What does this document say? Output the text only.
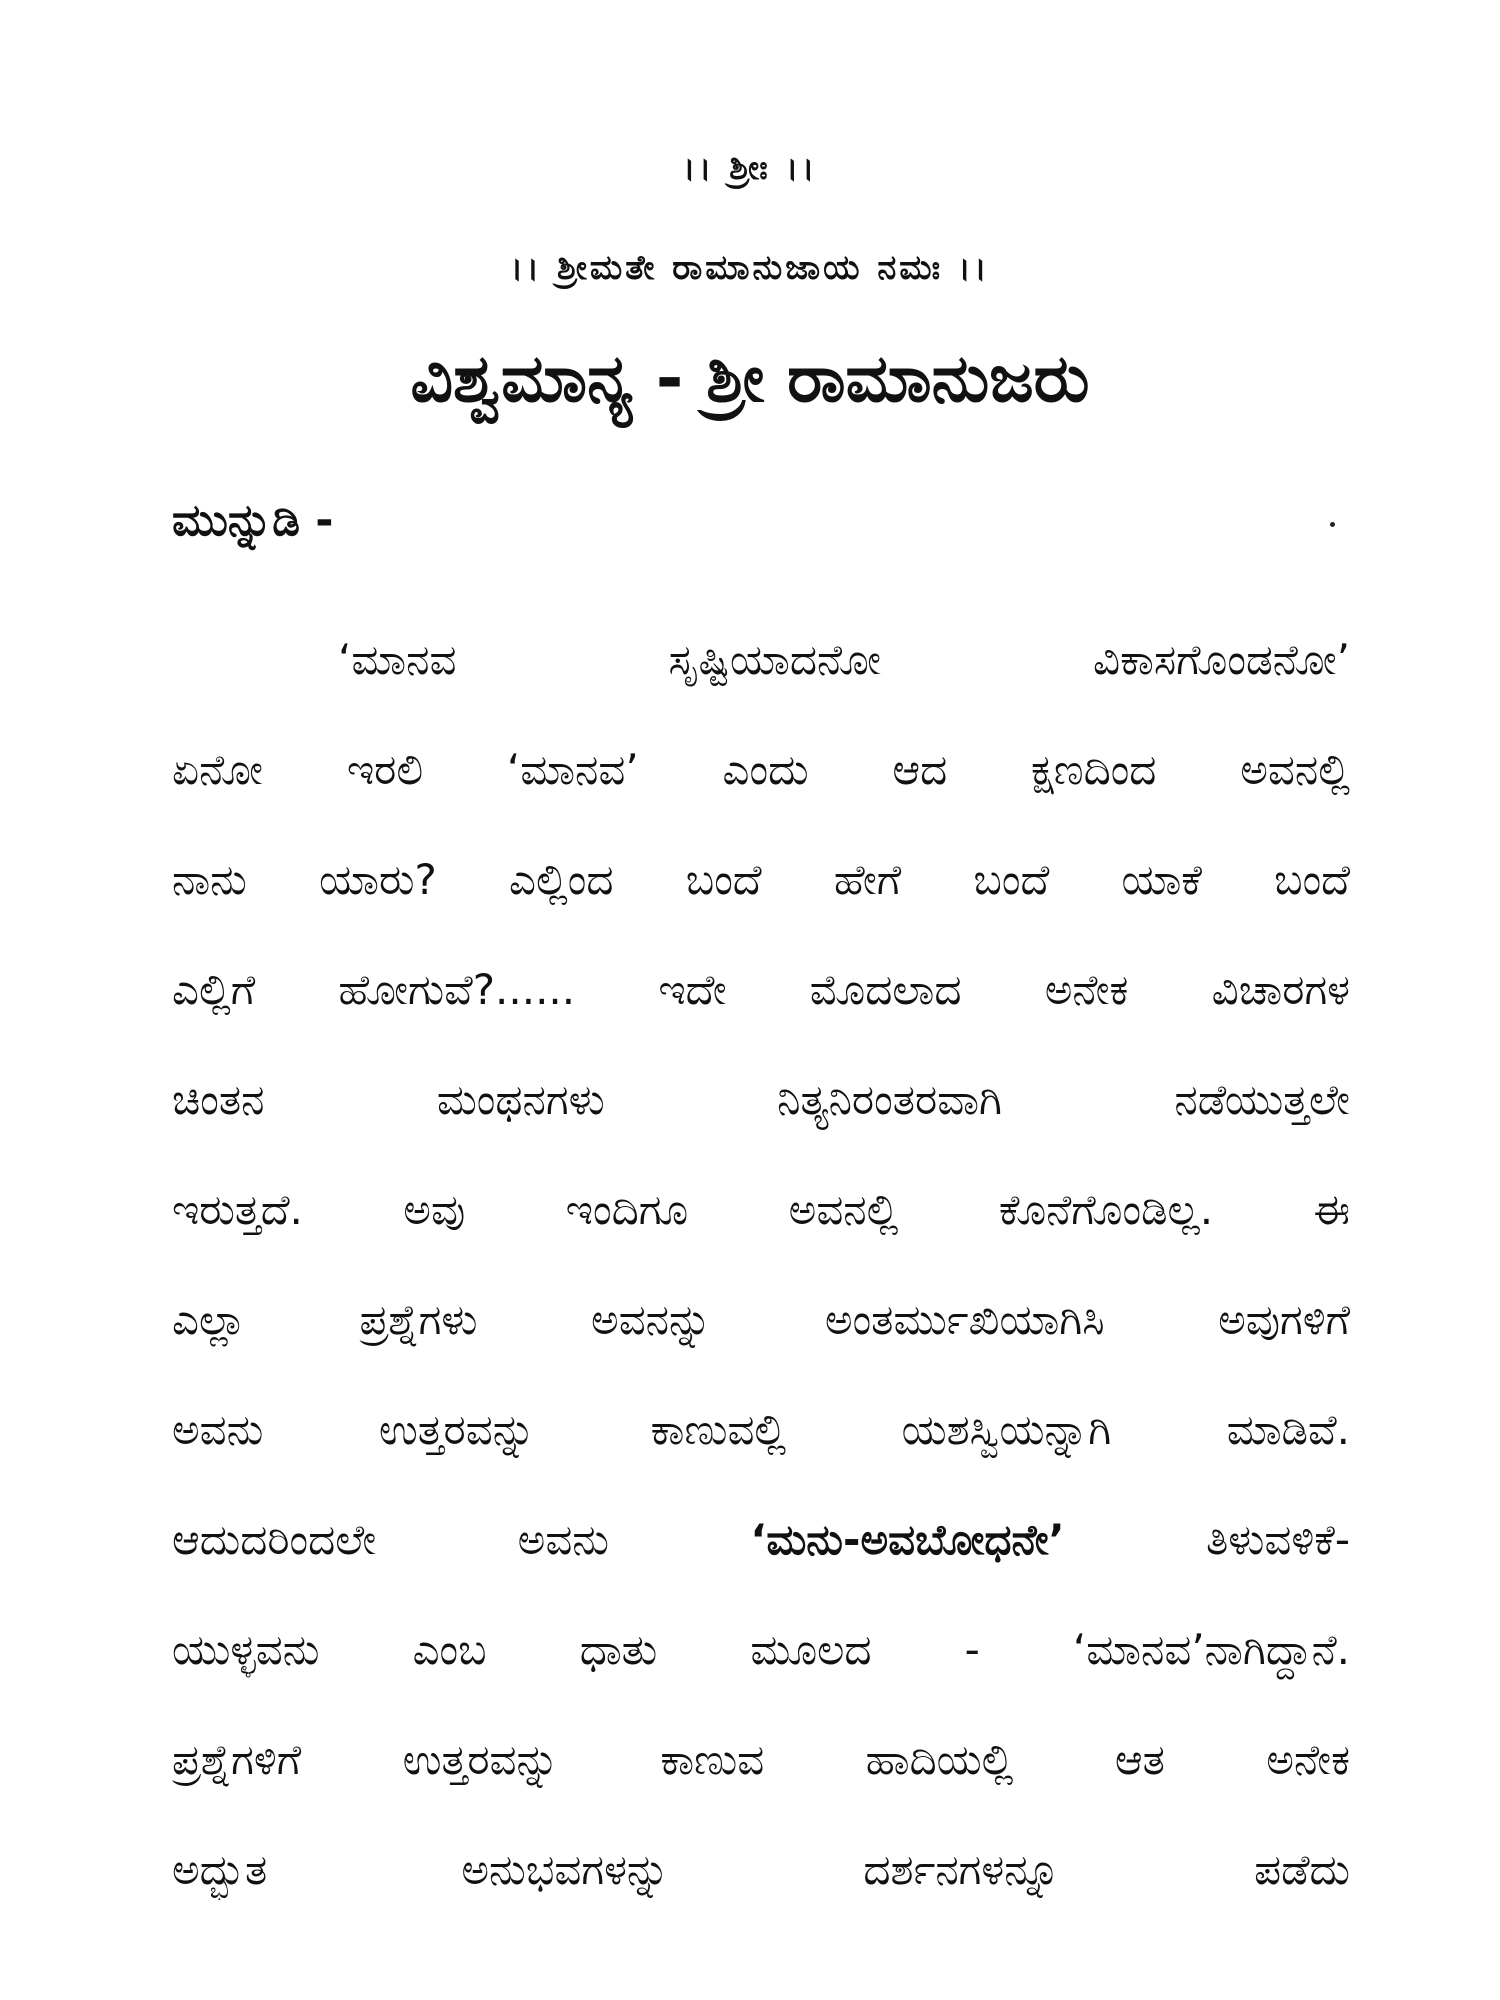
।। ಶ್ರೀಃ ।।
।। ಶ್ರೀಮತೇ ರಾಮಾನುಜಾಯ ನಮಃ ।।
ವಿಶ್ವಮಾನ್ಯ - ಶ್ರೀ ರಾಮಾನುಜರು
ಮುನ್ನುಡಿ -
‘ಮಾನವ ಸೃಷ್ಟಿಯಾದನೋ ವಿಕಾಸಗೊಂಡನೋ’
ಏನೋ ಇರಲಿ ‘ಮಾನವ’ ಎಂದು ಆದ ಕ್ಷಣದಿಂದ ಅವನಲ್ಲಿ
ನಾನು ಯಾರು? ಎಲ್ಲಿಂದ ಬಂದೆ ಹೇಗೆ ಬಂದೆ ಯಾಕೆ ಬಂದೆ
ಎಲ್ಲಿಗೆ ಹೋಗುವೆ?...... ಇದೇ ಮೊದಲಾದ ಅನೇಕ ವಿಚಾರಗಳ
ಚಿಂತನ ಮಂಥನಗಳು ನಿತ್ಯನಿರಂತರವಾಗಿ ನಡೆಯುತ್ತಲೇ
ಇರುತ್ತದೆ. ಅವು ಇಂದಿಗೂ ಅವನಲ್ಲಿ ಕೊನೆಗೊಂಡಿಲ್ಲ. ಈ
ಎಲ್ಲಾ ಪ್ರಶ್ನೆಗಳು ಅವನನ್ನು ಅಂತರ್ಮುಖಿಯಾಗಿಸಿ ಅವುಗಳಿಗೆ
ಅವನು ಉತ್ತರವನ್ನು ಕಾಣುವಲ್ಲಿ ಯಶಸ್ವಿಯನ್ನಾಗಿ ಮಾಡಿವೆ.
ಆದುದರಿಂದಲೇ ಅವನು ‘ಮನು-ಅವಬೋಧನೇ’ ತಿಳುವಳಿಕೆ-
ಯುಳ್ಳವನು ಎಂಬ ಧಾತು ಮೂಲದ - ‘ಮಾನವ’ನಾಗಿದ್ದಾನೆ.
ಪ್ರಶ್ನೆಗಳಿಗೆ ಉತ್ತರವನ್ನು ಕಾಣುವ ಹಾದಿಯಲ್ಲಿ ಆತ ಅನೇಕ
ಅದ್ಭುತ ಅನುಭವಗಳನ್ನು ದರ್ಶನಗಳನ್ನೂ ಪಡೆದು
